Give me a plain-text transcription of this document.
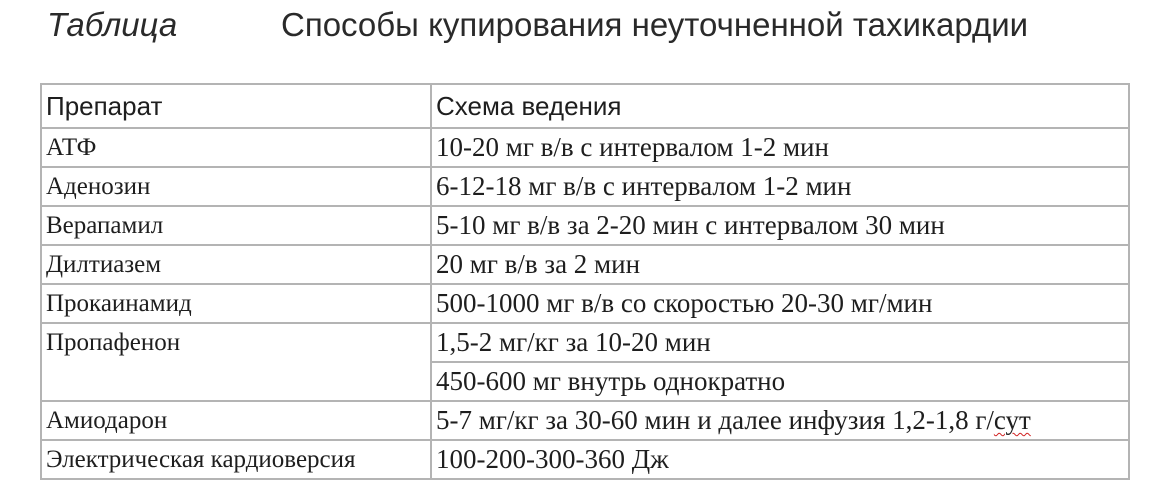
Таблица	Способы купирования неуточненной тахикардии
Препарат	Схема ведения
АТФ	10-20 мг в/в с интервалом 1-2 мин
Аденозин	6-12-18 мг в/в с интервалом 1-2 мин
Верапамил	5-10 мг в/в за 2-20 мин с интервалом 30 мин
Дилтиазем	20 мг в/в за 2 мин
Прокаинамид	500-1000 мг в/в со скоростью 20-30 мг/мин
Пропафенон	1,5-2 мг/кг за 10-20 мин
	450-600 мг внутрь однократно
Амиодарон	5-7 мг/кг за 30-60 мин и далее инфузия 1,2-1,8 г/сут
Электрическая кардиоверсия	100-200-300-360 Дж
